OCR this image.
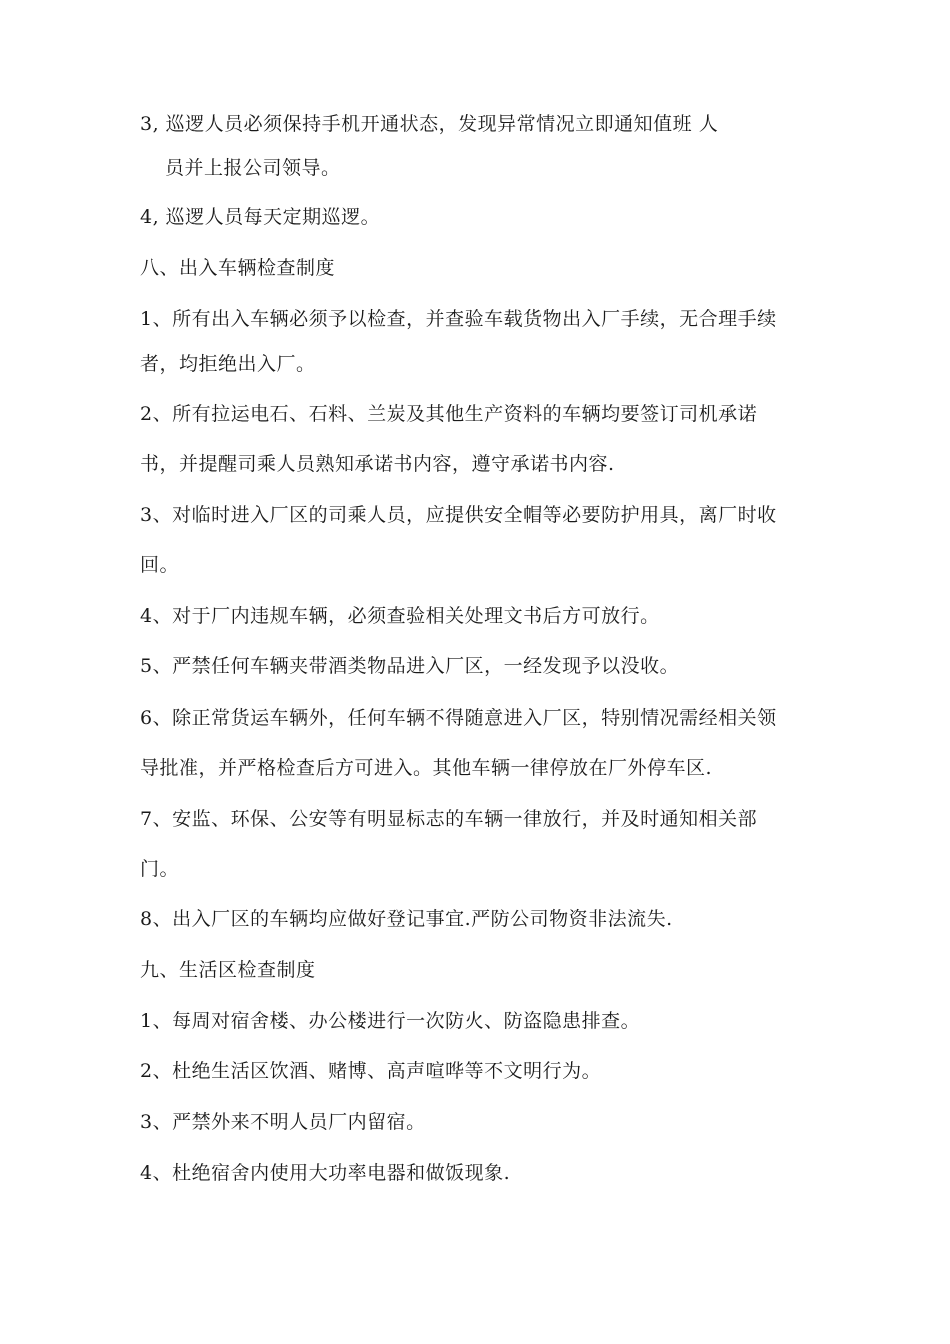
3, 巡逻人员必须保持手机开通状态，发现异常情况立即通知值班 人
员并上报公司领导。
4, 巡逻人员每天定期巡逻。
八、出入车辆检查制度
1、所有出入车辆必须予以检查，并查验车载货物出入厂手续，无合理手续
者，均拒绝出入厂。
2、所有拉运电石、石料、兰炭及其他生产资料的车辆均要签订司机承诺
书，并提醒司乘人员熟知承诺书内容，遵守承诺书内容.
3、对临时进入厂区的司乘人员，应提供安全帽等必要防护用具，离厂时收
回。
4、对于厂内违规车辆，必须查验相关处理文书后方可放行。
5、严禁任何车辆夹带酒类物品进入厂区，一经发现予以没收。
6、除正常货运车辆外，任何车辆不得随意进入厂区，特别情况需经相关领
导批准，并严格检查后方可进入。其他车辆一律停放在厂外停车区.
7、安监、环保、公安等有明显标志的车辆一律放行，并及时通知相关部
门。
8、出入厂区的车辆均应做好登记事宜.严防公司物资非法流失.
九、生活区检查制度
1、每周对宿舍楼、办公楼进行一次防火、防盗隐患排查。
2、杜绝生活区饮酒、赌博、高声喧哗等不文明行为。
3、严禁外来不明人员厂内留宿。
4、杜绝宿舍内使用大功率电器和做饭现象.
